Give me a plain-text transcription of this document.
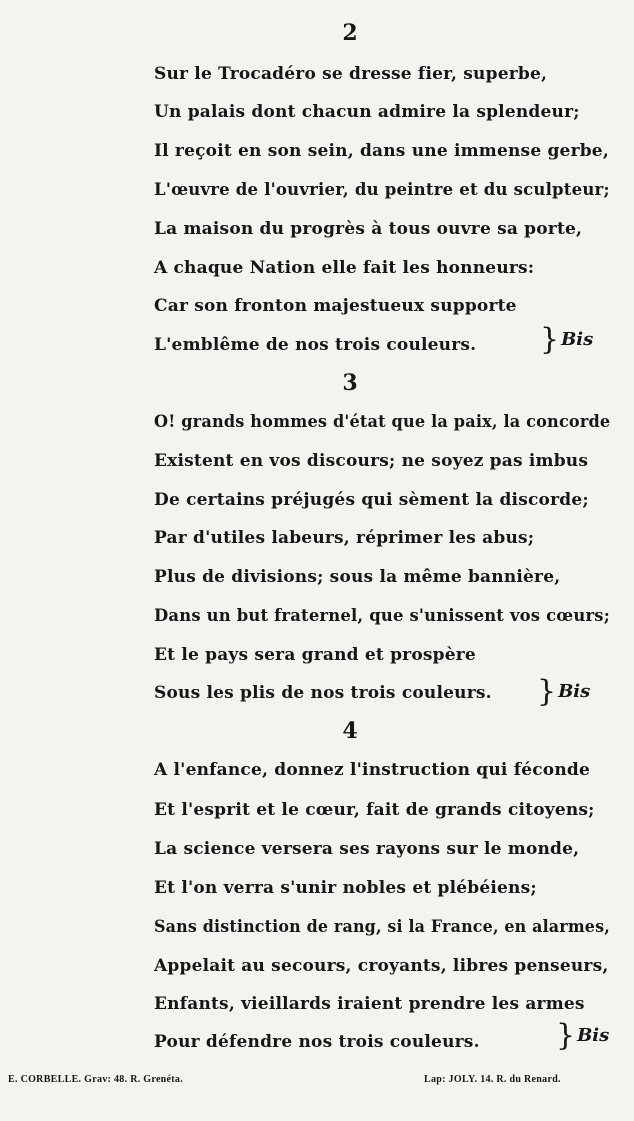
2
Sur le Trocadéro se dresse fier, superbe,
Un palais dont chacun admire la splendeur;
Il reçoit en son sein, dans une immense gerbe,
L'œuvre de l'ouvrier, du peintre et du sculpteur;
La maison du progrès à tous ouvre sa porte,
A chaque Nation elle fait les honneurs:
Car son fronton majestueux supporte
L'emblême de nos trois couleurs. } Bis
3
O! grands hommes d'état que la paix, la concorde
Existent en vos discours; ne soyez pas imbus
De certains préjugés qui sèment la discorde;
Par d'utiles labeurs, réprimer les abus;
Plus de divisions; sous la même bannière,
Dans un but fraternel, que s'unissent vos cœurs;
Et le pays sera grand et prospère
Sous les plis de nos trois couleurs. } Bis
4
A l'enfance, donnez l'instruction qui féconde
Et l'esprit et le cœur, fait de grands citoyens;
La science versera ses rayons sur le monde,
Et l'on verra s'unir nobles et plébéiens;
Sans distinction de rang, si la France, en alarmes,
Appelait au secours, croyants, libres penseurs,
Enfants, vieillards iraient prendre les armes
Pour défendre nos trois couleurs.	} Bis
E. CORBELLE. Grav: 48. R. Grenéta.	Lap: JOLY. 14. R. du Renard.
